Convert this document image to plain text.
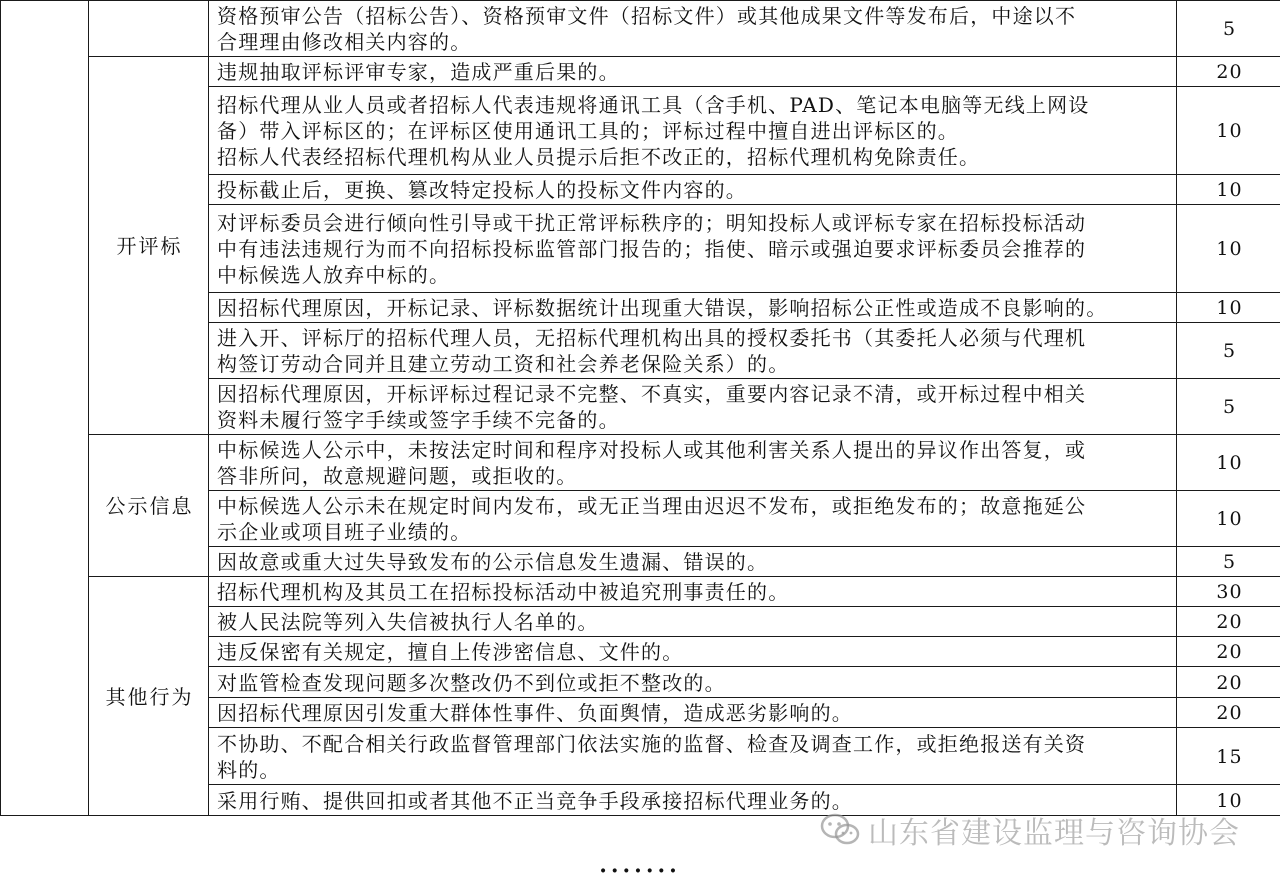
		资格预审公告（招标公告）、资格预审文件（招标文件）或其他成果文件等发布后，中途以不
合理理由修改相关内容的。	5
	开评标	违规抽取评标评审专家，造成严重后果的。	20

		招标代理从业人员或者招标人代表违规将通讯工具（含手机、PAD、笔记本电脑等无线上网设
备）带入评标区的；在评标区使用通讯工具的；评标过程中擅自进出评标区的。
招标人代表经招标代理机构从业人员提示后拒不改正的，招标代理机构免除责任。	10

		投标截止后，更换、篡改特定投标人的投标文件内容的。	10

		对评标委员会进行倾向性引导或干扰正常评标秩序的；明知投标人或评标专家在招标投标活动
中有违法违规行为而不向招标投标监管部门报告的；指使、暗示或强迫要求评标委员会推荐的
中标候选人放弃中标的。	10

		因招标代理原因，开标记录、评标数据统计出现重大错误，影响招标公正性或造成不良影响的。	10

		进入开、评标厅的招标代理人员，无招标代理机构出具的授权委托书（其委托人必须与代理机
构签订劳动合同并且建立劳动工资和社会养老保险关系）的。	5

		因招标代理原因，开标评标过程记录不完整、不真实，重要内容记录不清，或开标过程中相关
资料未履行签字手续或签字手续不完备的。	5
	公示信息	中标候选人公示中，未按法定时间和程序对投标人或其他利害关系人提出的异议作出答复，或
答非所问，故意规避问题，或拒收的。	10

		中标候选人公示未在规定时间内发布，或无正当理由迟迟不发布，或拒绝发布的；故意拖延公
示企业或项目班子业绩的。	10

		因故意或重大过失导致发布的公示信息发生遗漏、错误的。	5
	其他行为	招标代理机构及其员工在招标投标活动中被追究刑事责任的。	30

		被人民法院等列入失信被执行人名单的。	20

		违反保密有关规定，擅自上传涉密信息、文件的。	20

		对监管检查发现问题多次整改仍不到位或拒不整改的。	20

		因招标代理原因引发重大群体性事件、负面舆情，造成恶劣影响的。	20

		不协助、不配合相关行政监督管理部门依法实施的监督、检查及调查工作，或拒绝报送有关资
料的。	15

		采用行贿、提供回扣或者其他不正当竞争手段承接招标代理业务的。	10
山东省建设监理与咨询协会
·······
